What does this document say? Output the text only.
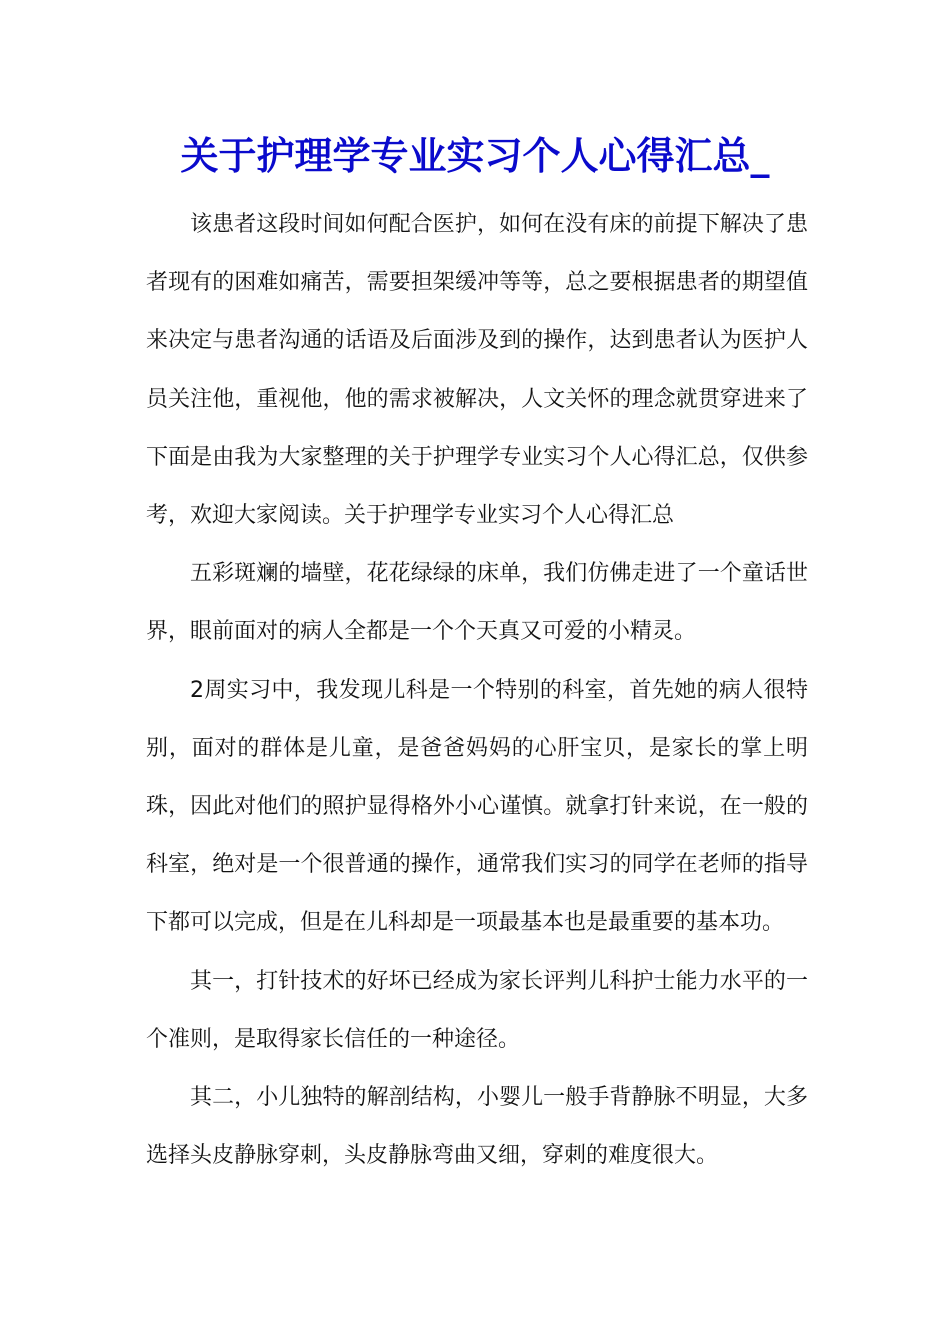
关于护理学专业实习个人心得汇总_

该患者这段时间如何配合医护，如何在没有床的前提下解决了患者现有的困难如痛苦，需要担架缓冲等等，总之要根据患者的期望值来决定与患者沟通的话语及后面涉及到的操作，达到患者认为医护人员关注他，重视他，他的需求被解决，人文关怀的理念就贯穿进来了下面是由我为大家整理的关于护理学专业实习个人心得汇总，仅供参考，欢迎大家阅读。关于护理学专业实习个人心得汇总

五彩斑斓的墙壁，花花绿绿的床单，我们仿佛走进了一个童话世界，眼前面对的病人全都是一个个天真又可爱的小精灵。

2周实习中，我发现儿科是一个特别的科室，首先她的病人很特别，面对的群体是儿童，是爸爸妈妈的心肝宝贝，是家长的掌上明珠，因此对他们的照护显得格外小心谨慎。就拿打针来说，在一般的科室，绝对是一个很普通的操作，通常我们实习的同学在老师的指导下都可以完成，但是在儿科却是一项最基本也是最重要的基本功。

其一，打针技术的好坏已经成为家长评判儿科护士能力水平的一个准则，是取得家长信任的一种途径。

其二，小儿独特的解剖结构，小婴儿一般手背静脉不明显，大多选择头皮静脉穿刺，头皮静脉弯曲又细，穿刺的难度很大。
